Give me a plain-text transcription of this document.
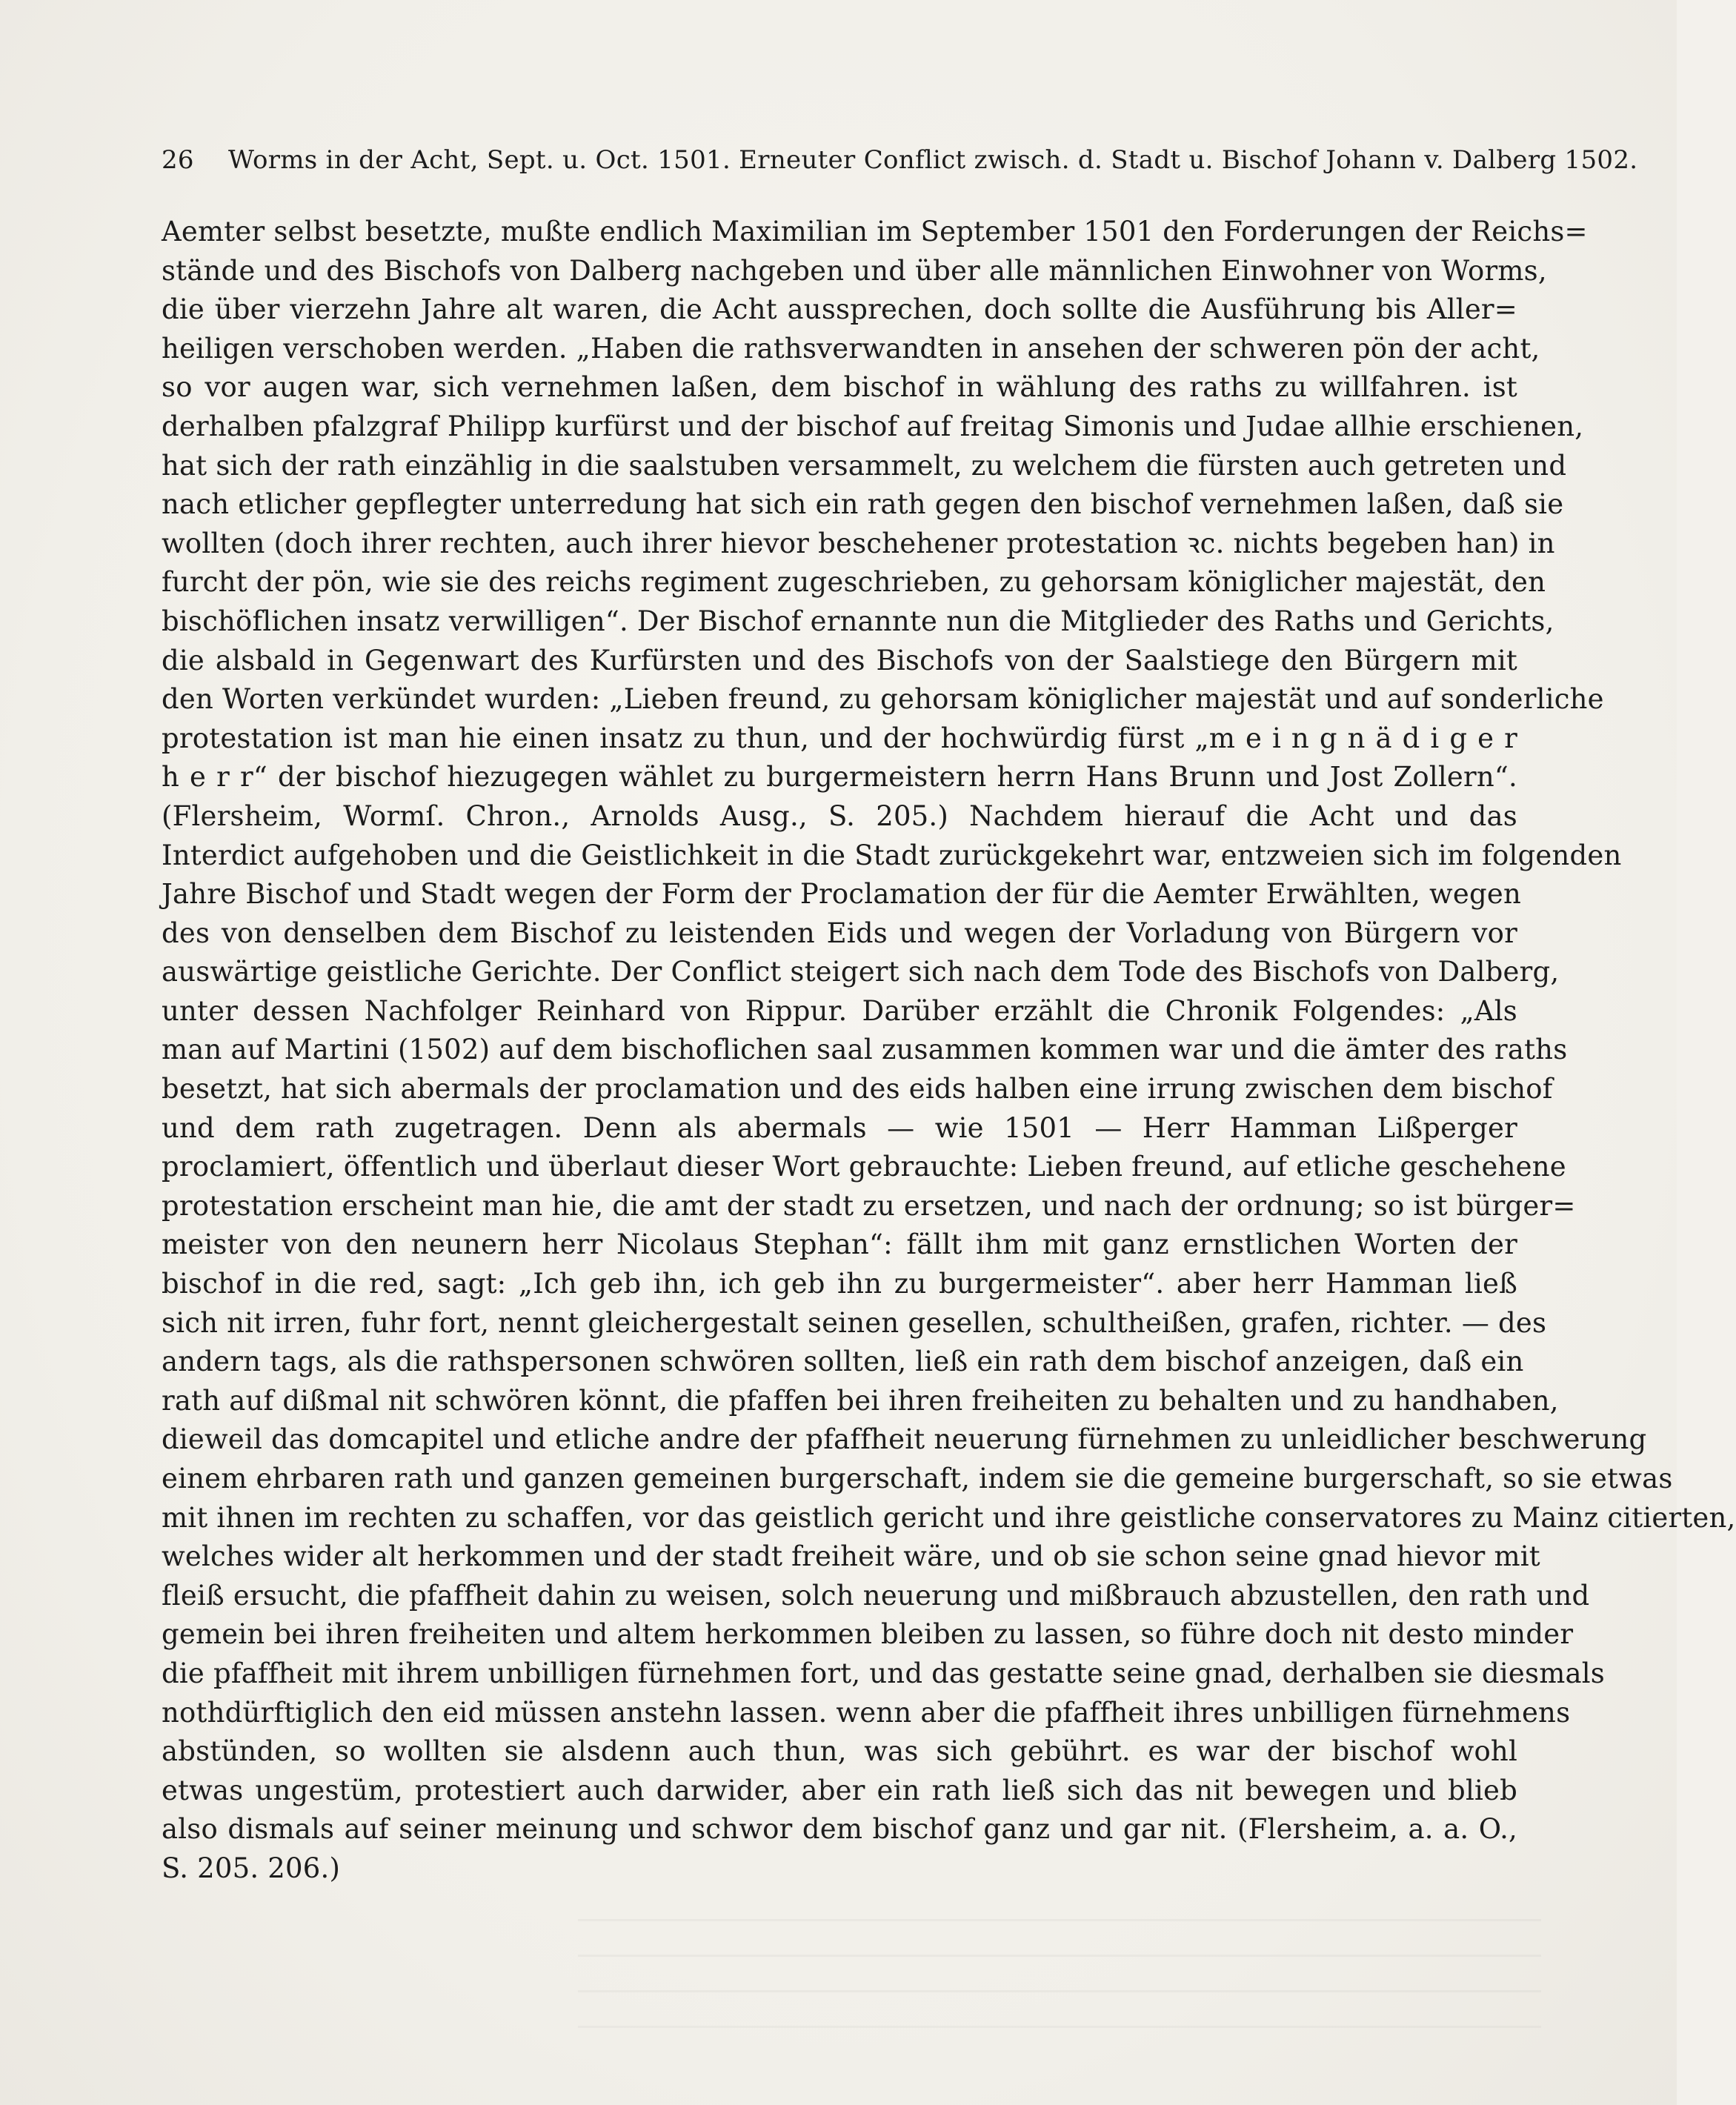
26	Worms in der Acht, Sept. u. Oct. 1501. Erneuter Conflict zwisch. d. Stadt u. Bischof Johann v. Dalberg 1502.
Aemter selbst besetzte, mußte endlich Maximilian im September 1501 den Forderungen der Reichs=
stände und des Bischofs von Dalberg nachgeben und über alle männlichen Einwohner von Worms,
die über vierzehn Jahre alt waren, die Acht aussprechen, doch sollte die Ausführung bis Aller=
heiligen verschoben werden. „Haben die rathsverwandten in ansehen der schweren pön der acht,
so vor augen war, sich vernehmen laßen, dem bischof in wählung des raths zu willfahren. ist
derhalben pfalzgraf Philipp kurfürst und der bischof auf freitag Simonis und Judae allhie erschienen,
hat sich der rath einzählig in die saalstuben versammelt, zu welchem die fürsten auch getreten und
nach etlicher gepflegter unterredung hat sich ein rath gegen den bischof vernehmen laßen, daß sie
wollten (doch ihrer rechten, auch ihrer hievor beschehener protestation ꝛc. nichts begeben han) in
furcht der pön, wie sie des reichs regiment zugeschrieben, zu gehorsam königlicher majestät, den
bischöflichen insatz verwilligen“. Der Bischof ernannte nun die Mitglieder des Raths und Gerichts,
die alsbald in Gegenwart des Kurfürsten und des Bischofs von der Saalstiege den Bürgern mit
den Worten verkündet wurden: „Lieben freund, zu gehorsam königlicher majestät und auf sonderliche
protestation ist man hie einen insatz zu thun, und der hochwürdig fürst „m e i n g n ä d i g e r
h e r r“ der bischof hiezugegen wählet zu burgermeistern herrn Hans Brunn und Jost Zollern“.
(Flersheim, Wormſ. Chron., Arnolds Ausg., S. 205.) Nachdem hierauf die Acht und das
Interdict aufgehoben und die Geistlichkeit in die Stadt zurückgekehrt war, entzweien sich im folgenden
Jahre Bischof und Stadt wegen der Form der Proclamation der für die Aemter Erwählten, wegen
des von denselben dem Bischof zu leistenden Eids und wegen der Vorladung von Bürgern vor
auswärtige geistliche Gerichte. Der Conflict steigert sich nach dem Tode des Bischofs von Dalberg,
unter dessen Nachfolger Reinhard von Rippur. Darüber erzählt die Chronik Folgendes: „Als
man auf Martini (1502) auf dem bischoflichen saal zusammen kommen war und die ämter des raths
besetzt, hat sich abermals der proclamation und des eids halben eine irrung zwischen dem bischof
und dem rath zugetragen. Denn als abermals — wie 1501 — Herr Hamman Lißperger
proclamiert, öffentlich und überlaut dieser Wort gebrauchte: Lieben freund, auf etliche geschehene
protestation erscheint man hie, die amt der stadt zu ersetzen, und nach der ordnung; so ist bürger=
meister von den neunern herr Nicolaus Stephan“: fällt ihm mit ganz ernstlichen Worten der
bischof in die red, sagt: „Ich geb ihn, ich geb ihn zu burgermeister“. aber herr Hamman ließ
sich nit irren, fuhr fort, nennt gleichergestalt seinen gesellen, schultheißen, grafen, richter. — des
andern tags, als die rathspersonen schwören sollten, ließ ein rath dem bischof anzeigen, daß ein
rath auf dißmal nit schwören könnt, die pfaffen bei ihren freiheiten zu behalten und zu handhaben,
dieweil das domcapitel und etliche andre der pfaffheit neuerung fürnehmen zu unleidlicher beschwerung
einem ehrbaren rath und ganzen gemeinen burgerschaft, indem sie die gemeine burgerschaft, so sie etwas
mit ihnen im rechten zu schaffen, vor das geistlich gericht und ihre geistliche conservatores zu Mainz citierten,
welches wider alt herkommen und der stadt freiheit wäre, und ob sie schon seine gnad hievor mit
fleiß ersucht, die pfaffheit dahin zu weisen, solch neuerung und mißbrauch abzustellen, den rath und
gemein bei ihren freiheiten und altem herkommen bleiben zu lassen, so führe doch nit desto minder
die pfaffheit mit ihrem unbilligen fürnehmen fort, und das gestatte seine gnad, derhalben sie diesmals
nothdürftiglich den eid müssen anstehn lassen. wenn aber die pfaffheit ihres unbilligen fürnehmens
abstünden, so wollten sie alsdenn auch thun, was sich gebührt. es war der bischof wohl
etwas ungestüm, protestiert auch darwider, aber ein rath ließ sich das nit bewegen und blieb
also dismals auf seiner meinung und schwor dem bischof ganz und gar nit. (Flersheim, a. a. O.,
S. 205. 206.)
